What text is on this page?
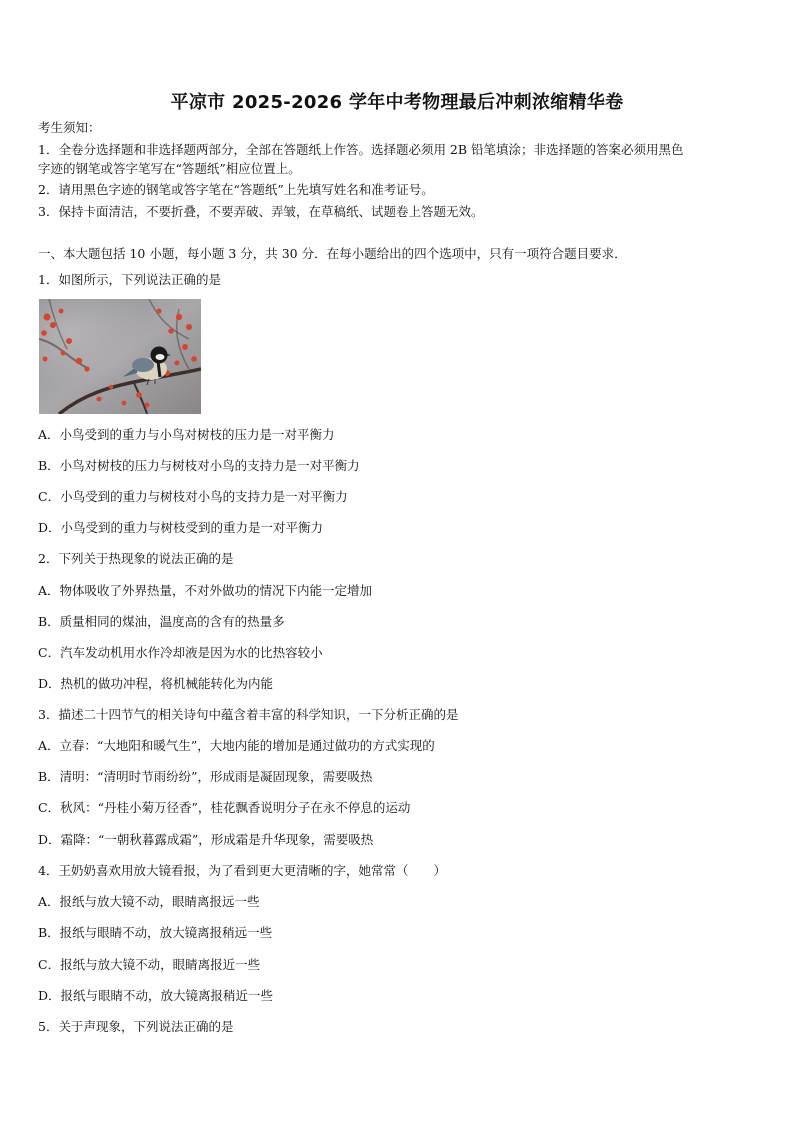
平凉市 2025-2026 学年中考物理最后冲刺浓缩精华卷
考生须知：
1．全卷分选择题和非选择题两部分，全部在答题纸上作答。选择题必须用 2B 铅笔填涂；非选择题的答案必须用黑色
字迹的钢笔或答字笔写在“答题纸”相应位置上。
2．请用黑色字迹的钢笔或答字笔在“答题纸”上先填写姓名和准考证号。
3．保持卡面清洁，不要折叠，不要弄破、弄皱，在草稿纸、试题卷上答题无效。
一、本大题包括 10 小题，每小题 3 分，共 30 分．在每小题给出的四个选项中，只有一项符合题目要求．
1．如图所示，下列说法正确的是
A．小鸟受到的重力与小鸟对树枝的压力是一对平衡力
B．小鸟对树枝的压力与树枝对小鸟的支持力是一对平衡力
C．小鸟受到的重力与树枝对小鸟的支持力是一对平衡力
D．小鸟受到的重力与树枝受到的重力是一对平衡力
2．下列关于热现象的说法正确的是
A．物体吸收了外界热量，不对外做功的情况下内能一定增加
B．质量相同的煤油，温度高的含有的热量多
C．汽车发动机用水作冷却液是因为水的比热容较小
D．热机的做功冲程，将机械能转化为内能
3．描述二十四节气的相关诗句中蕴含着丰富的科学知识，一下分析正确的是
A．立春：“大地阳和暖气生”，大地内能的增加是通过做功的方式实现的
B．清明：“清明时节雨纷纷”，形成雨是凝固现象，需要吸热
C．秋风：“丹桂小菊万径香”，桂花飘香说明分子在永不停息的运动
D．霜降：“一朝秋暮露成霜”，形成霜是升华现象，需要吸热
4．王奶奶喜欢用放大镜看报，为了看到更大更清晰的字，她常常（　　）
A．报纸与放大镜不动，眼睛离报远一些
B．报纸与眼睛不动，放大镜离报稍远一些
C．报纸与放大镜不动，眼睛离报近一些
D．报纸与眼睛不动，放大镜离报稍近一些
5．关于声现象，下列说法正确的是
